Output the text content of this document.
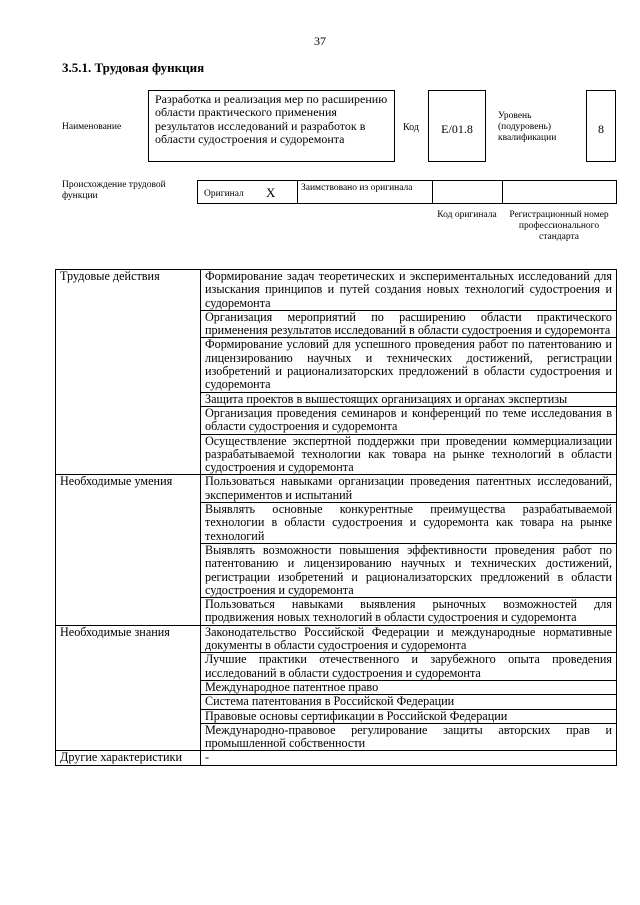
37
3.5.1. Трудовая функция
Наименование
Разработка и реализация мер по расширению области практического применения результатов исследований и разработок в области судостроения и судоремонта
Код	E/01.8
Уровень (подуровень) квалификации
8
Происхождение трудовой функции	Оригинал X	Заимствовано из оригинала
Код оригинала	Регистрационный номер профессионального стандарта
Трудовые действия	Формирование задач теоретических и экспериментальных исследований для изыскания принципов и путей создания новых технологий судостроения и судоремонта
	Организация мероприятий по расширению области практического применения результатов исследований в области судостроения и судоремонта
	Формирование условий для успешного проведения работ по патентованию и лицензированию научных и технических достижений, регистрации изобретений и рационализаторских предложений в области судостроения и судоремонта
	Защита проектов в вышестоящих организациях и органах экспертизы
	Организация проведения семинаров и конференций по теме исследования в области судостроения и судоремонта
	Осуществление экспертной поддержки при проведении коммерциализации разрабатываемой технологии как товара на рынке технологий в области судостроения и судоремонта
Необходимые умения	Пользоваться навыками организации проведения патентных исследований, экспериментов и испытаний
	Выявлять основные конкурентные преимущества разрабатываемой технологии в области судостроения и судоремонта как товара на рынке технологий
	Выявлять возможности повышения эффективности проведения работ по патентованию и лицензированию научных и технических достижений, регистрации изобретений и рационализаторских предложений в области судостроения и судоремонта
	Пользоваться навыками выявления рыночных возможностей для продвижения новых технологий в области судостроения и судоремонта
Необходимые знания	Законодательство Российской Федерации и международные нормативные документы в области судостроения и судоремонта
	Лучшие практики отечественного и зарубежного опыта проведения исследований в области судостроения и судоремонта
	Международное патентное право
	Система патентования в Российской Федерации
	Правовые основы сертификации в Российской Федерации
	Международно-правовое регулирование защиты авторских прав и промышленной собственности
Другие характеристики	-
